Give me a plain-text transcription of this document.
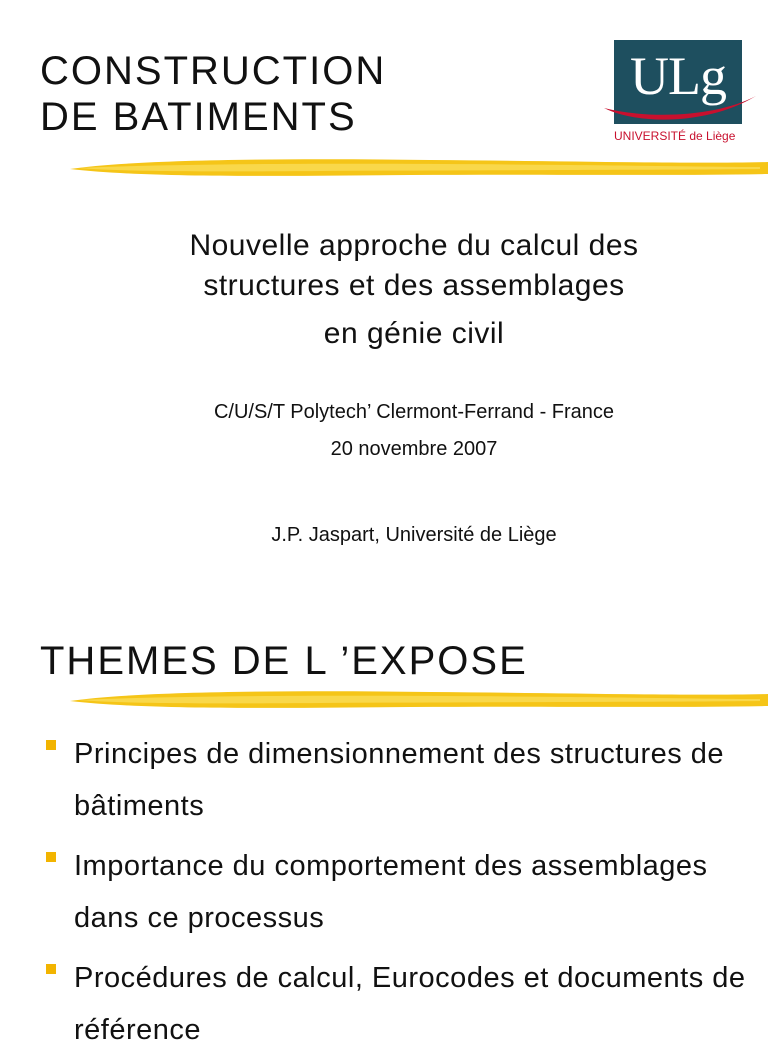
CONSTRUCTION
DE BATIMENTS
ULg
UNIVERSITÉ de Liège
Nouvelle approche du calcul des
structures et des assemblages
en génie civil
C/U/S/T Polytech’ Clermont-Ferrand - France
20 novembre 2007
J.P. Jaspart, Université de Liège
THEMES DE L ’EXPOSE
Principes de dimensionnement des structures de bâtiments
Importance du comportement des assemblages dans ce processus
Procédures de calcul, Eurocodes et documents de référence
